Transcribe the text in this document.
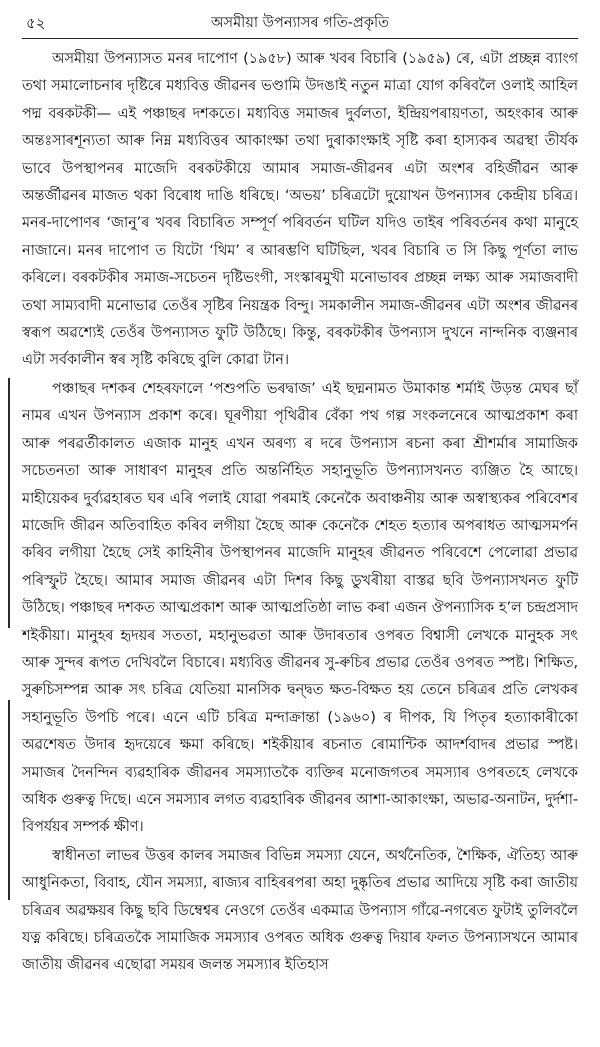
৫২	অসমীয়া উপন্যাসৰ গতি-প্ৰকৃতি

অসমীয়া উপন্যাসত মনৰ দাপোণ (১৯৫৮) আৰু খবৰ বিচাৰি (১৯৫৯) ৰে, এটা প্ৰচ্ছন্ন ব্যাংগ তথা সমালোচনাৰ দৃষ্টিৰে মধ্যবিত্ত জীৱনৰ ভণ্ডামি উদঙাই নতুন মাত্ৰা যোগ কৰিবলৈ ওলাই আহিল পদ্ম বৰকটকী— এই পঞ্চাছৰ দশকতে। মধ্যবিত্ত সমাজৰ দুৰ্বলতা, ইন্দ্ৰিয়পৰায়ণতা, অহংকাৰ আৰু অন্তঃসাৰশূন্যতা আৰু নিম্ন মধ্যবিত্তৰ আকাংক্ষা তথা দুৰাকাংক্ষাই সৃষ্টি কৰা হাস্যকৰ অৱস্থা তীৰ্যক ভাবে উপস্থাপনৰ মাজেদি বৰকটকীয়ে আমাৰ সমাজ-জীৱনৰ এটা অংশৰ বহিৰ্জীৱন আৰু অন্তৰ্জীৱনৰ মাজত থকা বিৰোধ দাঙি ধৰিছে। ‘অভয়’ চৰিত্ৰটো দুয়োখন উপন্যাসৰ কেন্দ্ৰীয় চৰিত্ৰ। মনৰ-দাপোণৰ ‘জানু’ৰ খবৰ বিচাৰিত সম্পূৰ্ণ পৰিবৰ্তন ঘটিল যদিও তাইৰ পৰিবৰ্তনৰ কথা মানুহে নাজানে। মনৰ দাপোণ ত যিটো ‘থিম’ ৰ আৰম্ভণি ঘটিছিল, খবৰ বিচাৰি ত সি কিছু পূৰ্ণতা লাভ কৰিলে। বৰকটকীৰ সমাজ-সচেতন দৃষ্টিভংগী, সংস্কাৰমুখী মনোভাবৰ প্ৰচ্ছন্ন লক্ষ্য আৰু সমাজবাদী তথা সাম্যবাদী মনোভাৱ তেওঁৰ সৃষ্টিৰ নিয়ন্ত্ৰক বিন্দু। সমকালীন সমাজ-জীৱনৰ এটা অংশৰ জীৱনৰ স্বৰূপ অৱশ্যেই তেওঁৰ উপন্যাসত ফুটি উঠিছে। কিন্তু, বৰকটকীৰ উপন্যাস দুখনে নান্দনিক ব্যঞ্জনাৰ এটা সৰ্বকালীন স্বৰ সৃষ্টি কৰিছে বুলি কোৱা টান।

পঞ্চাছৰ দশকৰ শেহৰফালে ‘পশুপতি ভৰদ্বাজ’ এই ছদ্মনামত উমাকান্ত শৰ্মাই উড়ন্ত মেঘৰ ছাঁ নামৰ এখন উপন্যাস প্ৰকাশ কৰে। ঘূৰণীয়া পৃথিৱীৰ বেঁকা পথ গল্প সংকলনেৰে আত্মপ্ৰকাশ কৰা আৰু পৰৱৰ্তীকালত এজাক মানুহ এখন অৰণ্য ৰ দৰে উপন্যাস ৰচনা কৰা শ্ৰীশৰ্মাৰ সামাজিক সচেতনতা আৰু সাধাৰণ মানুহৰ প্ৰতি অন্তৰ্নিহিত সহানুভূতি উপন্যাসখনত ব্যঞ্জিত হৈ আছে। মাহীয়েকৰ দুৰ্ব্যৱহাৰত ঘৰ এৰি পলাই যোৱা পৰমাই কেনেকৈ অবাঞ্চনীয় আৰু অস্বাস্থ্যকৰ পৰিবেশৰ মাজেদি জীৱন অতিবাহিত কৰিব লগীয়া হৈছে আৰু কেনেকৈ শেহত হত্যাৰ অপৰাধত আত্মসমৰ্পন কৰিব লগীয়া হৈছে সেই কাহিনীৰ উপস্থাপনৰ মাজেদি মানুহৰ জীৱনত পৰিবেশে পেলোৱা প্ৰভাৱ পৰিস্ফুট হৈছে। আমাৰ সমাজ জীৱনৰ এটা দিশৰ কিছু ডুখৰীয়া বাস্তৱ ছবি উপন্যাসখনত ফুটি উঠিছে। পঞ্চাছৰ দশকত আত্মপ্ৰকাশ আৰু আত্মপ্ৰতিষ্ঠা লাভ কৰা এজন ঔপন্যাসিক হ’ল চন্দ্ৰপ্ৰসাদ শইকীয়া। মানুহৰ হৃদয়ৰ সততা, মহানুভৱতা আৰু উদাৰতাৰ ওপৰত বিশ্বাসী লেখকে মানুহক সৎ আৰু সুন্দৰ ৰূপত দেখিবলৈ বিচাৰে। মধ্যবিত্ত জীৱনৰ সু-ৰুচিৰ প্ৰভাৱ তেওঁৰ ওপৰত স্পষ্ট। শিক্ষিত, সুৰুচিসম্পন্ন আৰু সৎ চৰিত্ৰ যেতিয়া মানসিক দ্বন্দ্বত ক্ষত-বিক্ষত হয় তেনে চৰিত্ৰৰ প্ৰতি লেখকৰ সহানুভূতি উপচি পৰে। এনে এটি চৰিত্ৰ মন্দাক্ৰান্তা (১৯৬০) ৰ দীপক, যি পিতৃৰ হত্যাকাৰীকো অৱশেষত উদাৰ হৃদয়েৰে ক্ষমা কৰিছে। শইকীয়াৰ ৰচনাত ৰোমান্টিক আদৰ্শবাদৰ প্ৰভাৱ স্পষ্ট। সমাজৰ দৈনন্দিন ব্যৱহাৰিক জীৱনৰ সমস্যাতকৈ ব্যক্তিৰ মনোজগতৰ সমস্যাৰ ওপৰতহে লেখকে অধিক গুৰুত্ব দিছে। এনে সমস্যাৰ লগত ব্যৱহাৰিক জীৱনৰ আশা-আকাংক্ষা, অভাৱ-অনাটন, দুৰ্দশা-বিপৰ্যয়ৰ সম্পৰ্ক ক্ষীণ।

স্বাধীনতা লাভৰ উত্তৰ কালৰ সমাজৰ বিভিন্ন সমস্যা যেনে, অৰ্থনৈতিক, শৈক্ষিক, ঐতিহ্য আৰু আধুনিকতা, বিবাহ, যৌন সমস্যা, ৰাজ্যৰ বাহিৰৰপৰা অহা দুষ্কৃতিৰ প্ৰভাৱ আদিয়ে সৃষ্টি কৰা জাতীয় চৰিত্ৰৰ অৱক্ষয়ৰ কিছু ছবি ডিম্বেশ্বৰ নেওগে তেওঁৰ একমাত্ৰ উপন্যাস গাঁৱে-নগৰেত ফুটাই তুলিবলৈ যত্ন কৰিছে। চৰিত্ৰতকৈ সামাজিক সমস্যাৰ ওপৰত অধিক গুৰুত্ব দিয়াৰ ফলত উপন্যাসখনে আমাৰ জাতীয় জীৱনৰ এছোৱা সময়ৰ জলন্ত সমস্যাৰ ইতিহাস
